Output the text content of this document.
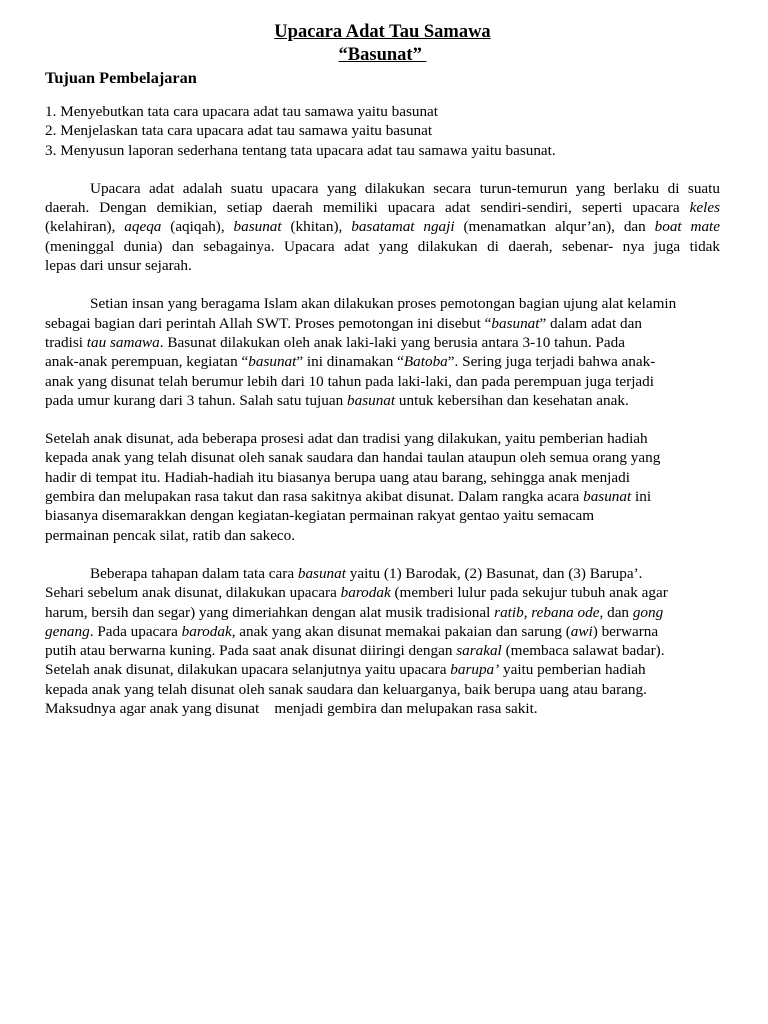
Upacara Adat Tau Samawa
“Basunat”
Tujuan Pembelajaran
1. Menyebutkan tata cara upacara adat tau samawa yaitu basunat
2. Menjelaskan tata cara upacara adat tau samawa yaitu basunat
3. Menyusun laporan sederhana tentang tata upacara adat tau samawa yaitu basunat.
Upacara adat adalah suatu upacara yang dilakukan secara turun-temurun yang berlaku di suatu
daerah. Dengan demikian, setiap daerah memiliki upacara adat sendiri-sendiri, seperti upacara keles
(kelahiran), aqeqa (aqiqah), basunat (khitan), basatamat ngaji (menamatkan alqur’an), dan boat mate
(meninggal dunia) dan sebagainya. Upacara adat yang dilakukan di daerah, sebenar- nya juga tidak
lepas dari unsur sejarah.
Setian insan yang beragama Islam akan dilakukan proses pemotongan bagian ujung alat kelamin
sebagai bagian dari perintah Allah SWT. Proses pemotongan ini disebut “basunat” dalam adat dan
tradisi tau samawa. Basunat dilakukan oleh anak laki-laki yang berusia antara 3-10 tahun. Pada
anak-anak perempuan, kegiatan “basunat” ini dinamakan “Batoba”. Sering juga terjadi bahwa anak-
anak yang disunat telah berumur lebih dari 10 tahun pada laki-laki, dan pada perempuan juga terjadi
pada umur kurang dari 3 tahun. Salah satu tujuan basunat untuk kebersihan dan kesehatan anak.
Setelah anak disunat, ada beberapa prosesi adat dan tradisi yang dilakukan, yaitu pemberian hadiah
kepada anak yang telah disunat oleh sanak saudara dan handai taulan ataupun oleh semua orang yang
hadir di tempat itu. Hadiah-hadiah itu biasanya berupa uang atau barang, sehingga anak menjadi
gembira dan melupakan rasa takut dan rasa sakitnya akibat disunat. Dalam rangka acara basunat ini
biasanya disemarakkan dengan kegiatan-kegiatan permainan rakyat gentao yaitu semacam
permainan pencak silat, ratib dan sakeco.
Beberapa tahapan dalam tata cara basunat yaitu (1) Barodak, (2) Basunat, dan (3) Barupa’.
Sehari sebelum anak disunat, dilakukan upacara barodak (memberi lulur pada sekujur tubuh anak agar
harum, bersih dan segar) yang dimeriahkan dengan alat musik tradisional ratib, rebana ode, dan gong
genang. Pada upacara barodak, anak yang akan disunat memakai pakaian dan sarung (awi) berwarna
putih atau berwarna kuning. Pada saat anak disunat diiringi dengan sarakal (membaca salawat badar).
Setelah anak disunat, dilakukan upacara selanjutnya yaitu upacara barupa’ yaitu pemberian hadiah
kepada anak yang telah disunat oleh sanak saudara dan keluarganya, baik berupa uang atau barang.
Maksudnya agar anak yang disunat    menjadi gembira dan melupakan rasa sakit.
